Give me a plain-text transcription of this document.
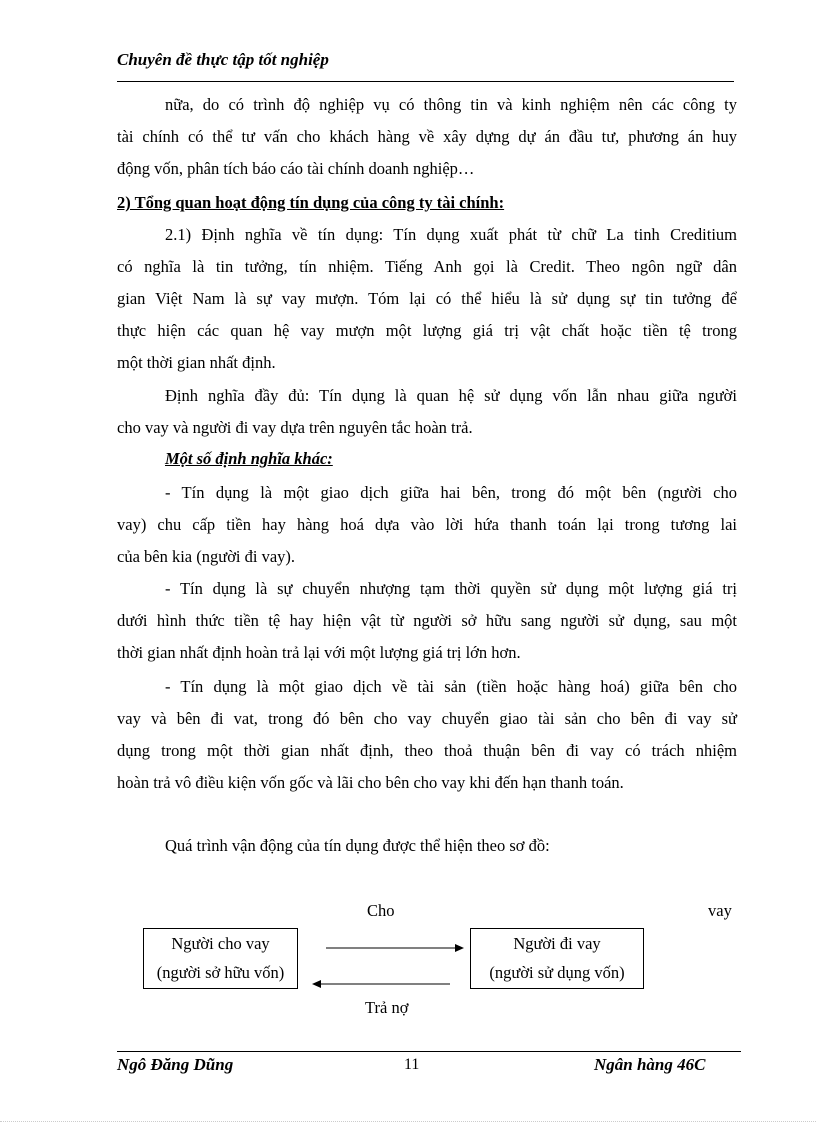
Chuyên đề thực tập tốt nghiệp
nữa, do có trình độ nghiệp vụ có thông tin và kinh nghiệm nên các công ty
tài chính có thể tư vấn cho khách hàng về xây dựng dự án đầu tư, phương án huy
động vốn, phân tích báo cáo tài chính doanh nghiệp…
2) Tổng quan hoạt động tín dụng của công ty tài chính:
2.1) Định nghĩa về tín dụng: Tín dụng xuất phát từ chữ La tinh Creditium
có nghĩa là tin tưởng, tín nhiệm. Tiếng Anh gọi là Credit. Theo ngôn ngữ dân
gian Việt Nam là sự vay mượn. Tóm lại có thể hiểu là sử dụng sự tin tưởng để
thực hiện các quan hệ vay mượn một lượng giá trị vật chất hoặc tiền tệ trong
một thời gian nhất định.
Định nghĩa đầy đủ: Tín dụng là quan hệ sử dụng vốn lẫn nhau giữa người
cho vay và người đi vay dựa trên nguyên tắc hoàn trả.
Một số định nghĩa khác:
- Tín dụng là một giao dịch giữa hai bên, trong đó một bên (người cho
vay) chu cấp tiền hay hàng hoá dựa vào lời hứa thanh toán lại trong tương lai
của bên kia (người đi vay).
- Tín dụng là sự chuyển nhượng tạm thời quyền sử dụng một lượng giá trị
dưới hình thức tiền tệ hay hiện vật từ người sở hữu sang người sử dụng, sau một
thời gian nhất định hoàn trả lại với một lượng giá trị lớn hơn.
- Tín dụng là một giao dịch về tài sản (tiền hoặc hàng hoá) giữa bên cho
vay và bên đi vat, trong đó bên cho vay chuyển giao tài sản cho bên đi vay sử
dụng trong một thời gian nhất định, theo thoả thuận bên đi vay có trách nhiệm
hoàn trả vô điều kiện vốn gốc và lãi cho bên cho vay khi đến hạn thanh toán.
Quá trình vận động của tín dụng được thể hiện theo sơ đồ:
Cho	vay
Người cho vay
(người sở hữu vốn)
Người đi vay
(người sử dụng vốn)
Trả nợ
Ngô Đăng Dũng	11	Ngân hàng 46C
